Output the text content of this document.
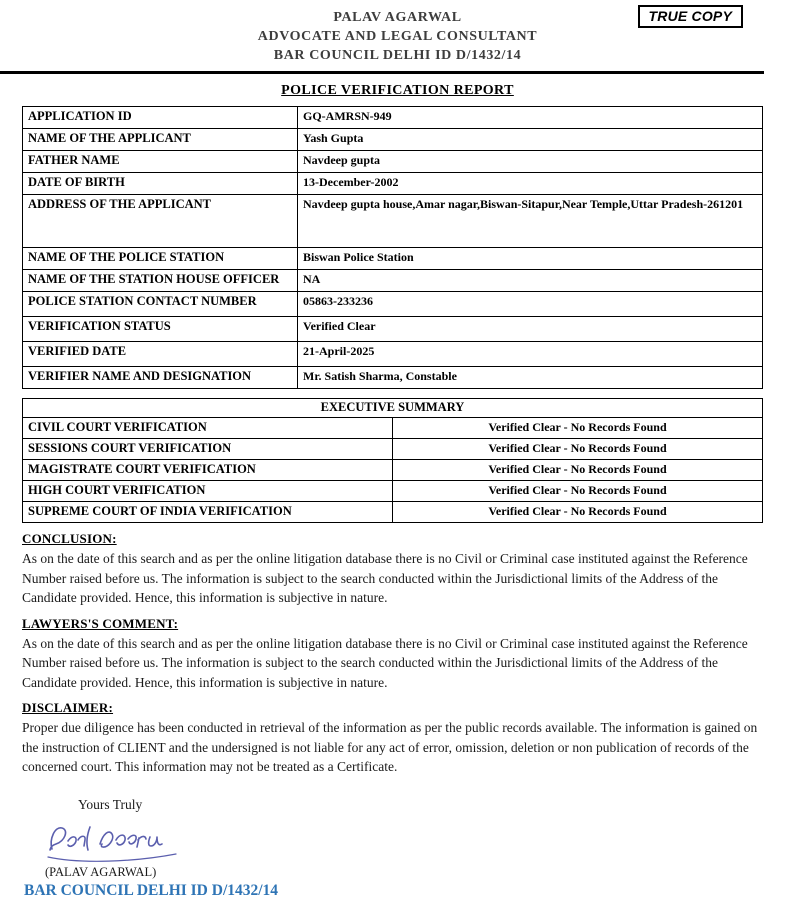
PALAV AGARWAL
ADVOCATE AND LEGAL CONSULTANT
BAR COUNCIL DELHI ID D/1432/14
TRUE COPY
POLICE VERIFICATION REPORT
APPLICATION ID	GQ-AMRSN-949
NAME OF THE APPLICANT	Yash Gupta
FATHER NAME	Navdeep gupta
DATE OF BIRTH	13-December-2002
ADDRESS OF THE APPLICANT	Navdeep gupta house,Amar nagar,Biswan-Sitapur,Near Temple,Uttar Pradesh-261201
NAME OF THE POLICE STATION	Biswan Police Station
NAME OF THE STATION HOUSE OFFICER	NA
POLICE STATION CONTACT NUMBER	05863-233236
VERIFICATION STATUS	Verified Clear
VERIFIED DATE	21-April-2025
VERIFIER NAME AND DESIGNATION	Mr. Satish Sharma, Constable
EXECUTIVE SUMMARY	
CIVIL COURT VERIFICATION	Verified Clear - No Records Found
SESSIONS COURT VERIFICATION	Verified Clear - No Records Found
MAGISTRATE COURT VERIFICATION	Verified Clear - No Records Found
HIGH COURT VERIFICATION	Verified Clear - No Records Found
SUPREME COURT OF INDIA VERIFICATION	Verified Clear - No Records Found
CONCLUSION:
As on the date of this search and as per the online litigation database there is no Civil or Criminal case instituted against the Reference Number raised before us. The information is subject to the search conducted within the Jurisdictional limits of the Address of the Candidate provided. Hence, this information is subjective in nature.
LAWYERS'S COMMENT:
As on the date of this search and as per the online litigation database there is no Civil or Criminal case instituted against the Reference Number raised before us. The information is subject to the search conducted within the Jurisdictional limits of the Address of the Candidate provided. Hence, this information is subjective in nature.
DISCLAIMER:
Proper due diligence has been conducted in retrieval of the information as per the public records available. The information is gained on the instruction of CLIENT and the undersigned is not liable for any act of error, omission, deletion or non publication of records of the concerned court. This information may not be treated as a Certificate.
Yours Truly
(PALAV AGARWAL)
BAR COUNCIL DELHI ID D/1432/14
